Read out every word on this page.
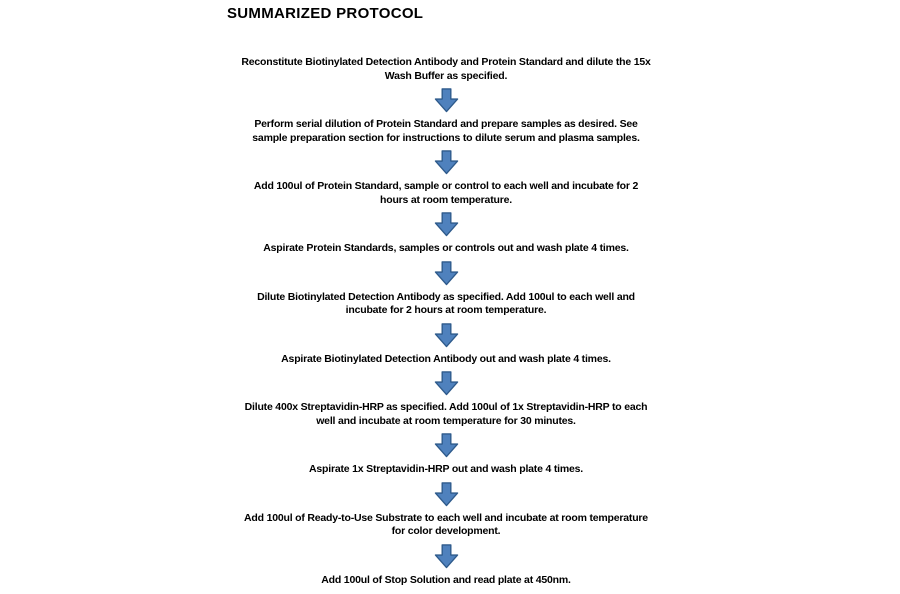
SUMMARIZED PROTOCOL
Reconstitute Biotinylated Detection Antibody and Protein Standard and dilute the 15x
Wash Buffer as specified.
Perform serial dilution of Protein Standard and prepare samples as desired. See
sample preparation section for instructions to dilute serum and plasma samples.
Add 100ul of Protein Standard, sample or control to each well and incubate for 2
hours at room temperature.
Aspirate Protein Standards, samples or controls out and wash plate 4 times.
Dilute Biotinylated Detection Antibody as specified. Add 100ul to each well and
incubate for 2 hours at room temperature.
Aspirate Biotinylated Detection Antibody out and wash plate 4 times.
Dilute 400x Streptavidin-HRP as specified. Add 100ul of 1x Streptavidin-HRP to each
well and incubate at room temperature for 30 minutes.
Aspirate 1x Streptavidin-HRP out and wash plate 4 times.
Add 100ul of Ready-to-Use Substrate to each well and incubate at room temperature
for color development.
Add 100ul of Stop Solution and read plate at 450nm.
